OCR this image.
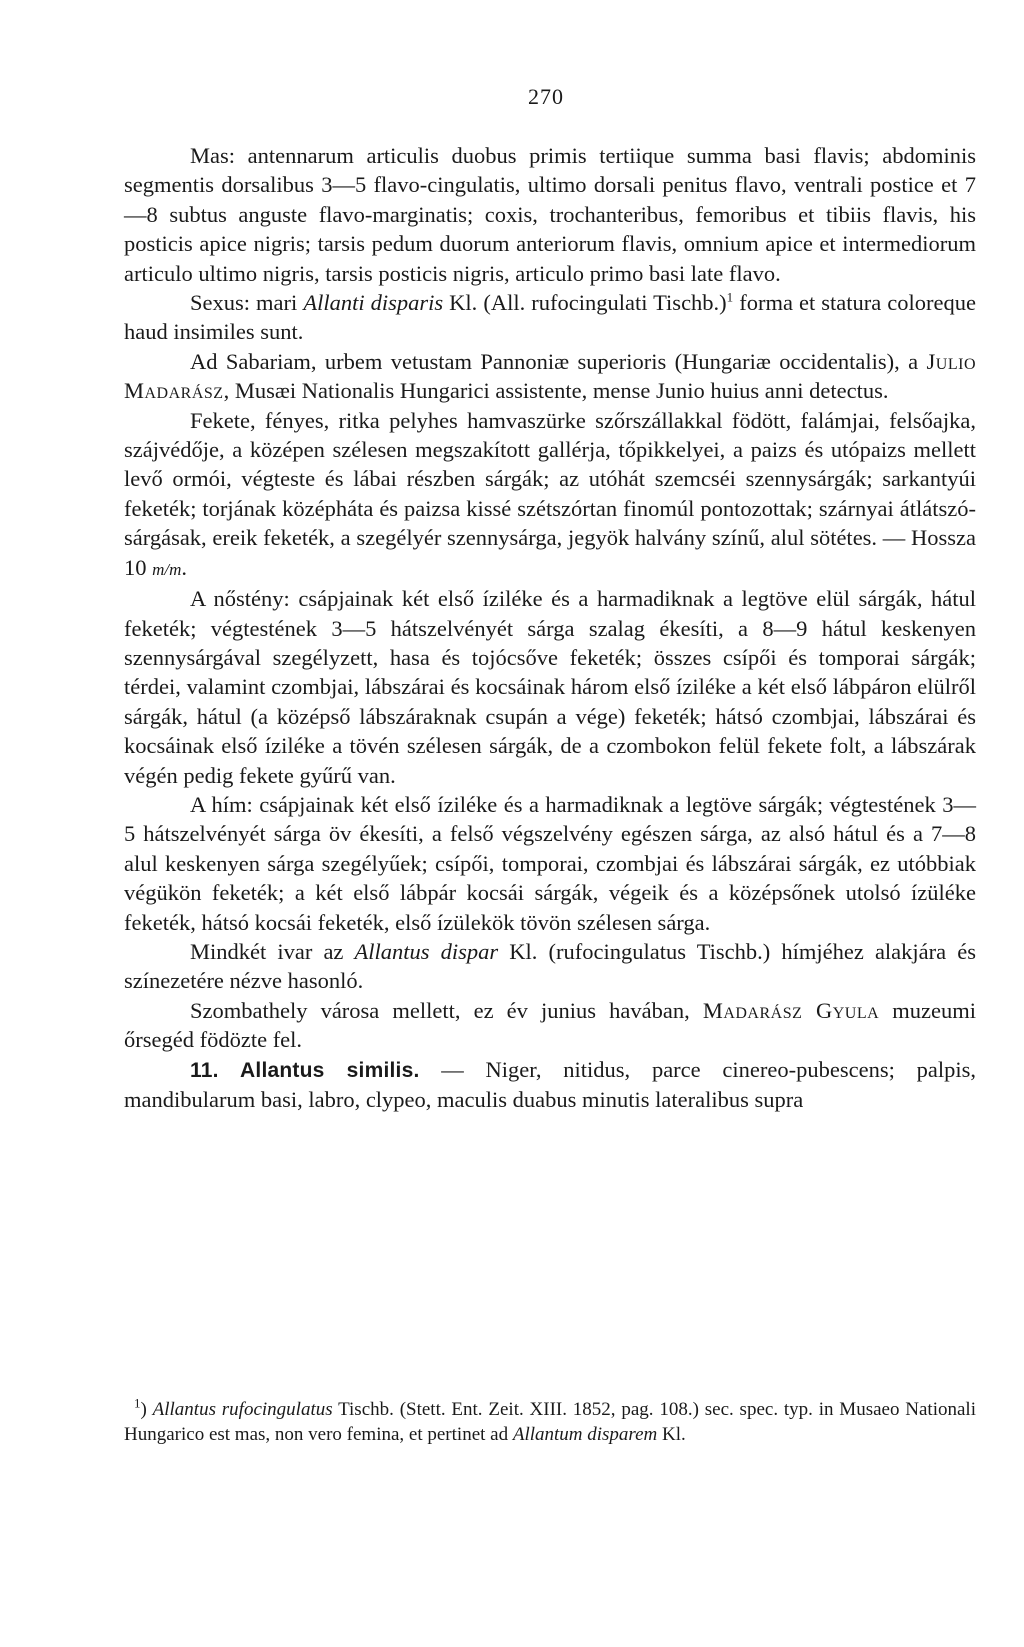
270

Mas: antennarum articulis duobus primis tertiique summa basi flavis; abdominis segmentis dorsalibus 3—5 flavo-cingulatis, ultimo dorsali penitus flavo, ventrali postice et 7—8 subtus anguste flavo-marginatis; coxis, trochanteribus, femoribus et tibiis flavis, his posticis apice nigris; tarsis pedum duorum anteriorum flavis, omnium apice et intermediorum articulo ultimo nigris, tarsis posticis nigris, articulo primo basi late flavo.

Sexus: mari Allanti disparis Kl. (All. rufocingulati Tischb.)$^1$ forma et statura coloreque haud insimiles sunt.

Ad Sabariam, urbem vetustam Pannoniæ superioris (Hungariæ occidentalis), a Julio Madarász, Musæi Nationalis Hungarici assistente, mense Junio huius anni detectus.

Fekete, fényes, ritka pelyhes hamvaszürke szőrszállakkal födött, falámjai, felsőajka, szájvédője, a középen szélesen megszakított gallérja, tőpikkelyei, a paizs és utópaizs mellett levő ormói, végteste és lábai részben sárgák; az utóhát szemcséi szennysárgák; sarkantyúi feketék; torjának középháta és paizsa kissé szétszórtan finomúl pontozottak; szárnyai átlátszó-sárgásak, ereik feketék, a szegélyér szennysárga, jegyök halvány színű, alul sötétes. — Hossza 10 m/m.

A nőstény: csápjainak két első íziléke és a harmadiknak a legtöve elül sárgák, hátul feketék; végtestének 3—5 hátszelvényét sárga szalag ékesíti, a 8—9 hátul keskenyen szennysárgával szegélyzett, hasa és tojócsőve feketék; összes csípői és tomporai sárgák; térdei, valamint czombjai, lábszárai és kocsáinak három első íziléke a két első lábpáron elülről sárgák, hátul (a középső lábszáraknak csupán a vége) feketék; hátsó czombjai, lábszárai és kocsáinak első íziléke a tövén szélesen sárgák, de a czombokon felül fekete folt, a lábszárak végén pedig fekete gyűrű van.

A hím: csápjainak két első íziléke és a harmadiknak a legtöve sárgák; végtestének 3—5 hátszelvényét sárga öv ékesíti, a felső végszelvény egészen sárga, az alsó hátul és a 7—8 alul keskenyen sárga szegélyűek; csípői, tomporai, czombjai és lábszárai sárgák, ez utóbbiak végükön feketék; a két első lábpár kocsái sárgák, végeik és a középsőnek utolsó ízüléke feketék, hátsó kocsái feketék, első ízülekök tövön szélesen sárga.

Mindkét ivar az Allantus dispar Kl. (rufocingulatus Tischb.) hímjéhez alakjára és színezetére nézve hasonló.

Szombathely városa mellett, ez év junius havában, Madarász Gyula muzeumi őrsegéd födözte fel.

11. Allantus similis. — Niger, nitidus, parce cinereo-pubescens; palpis, mandibularum basi, labro, clypeo, maculis duabus minutis lateralibus supra

$^1$) Allantus rufocingulatus Tischb. (Stett. Ent. Zeit. XIII. 1852, pag. 108.) sec. spec. typ. in Musaeo Nationali Hungarico est mas, non vero femina, et pertinet ad Allantum disparem Kl.
